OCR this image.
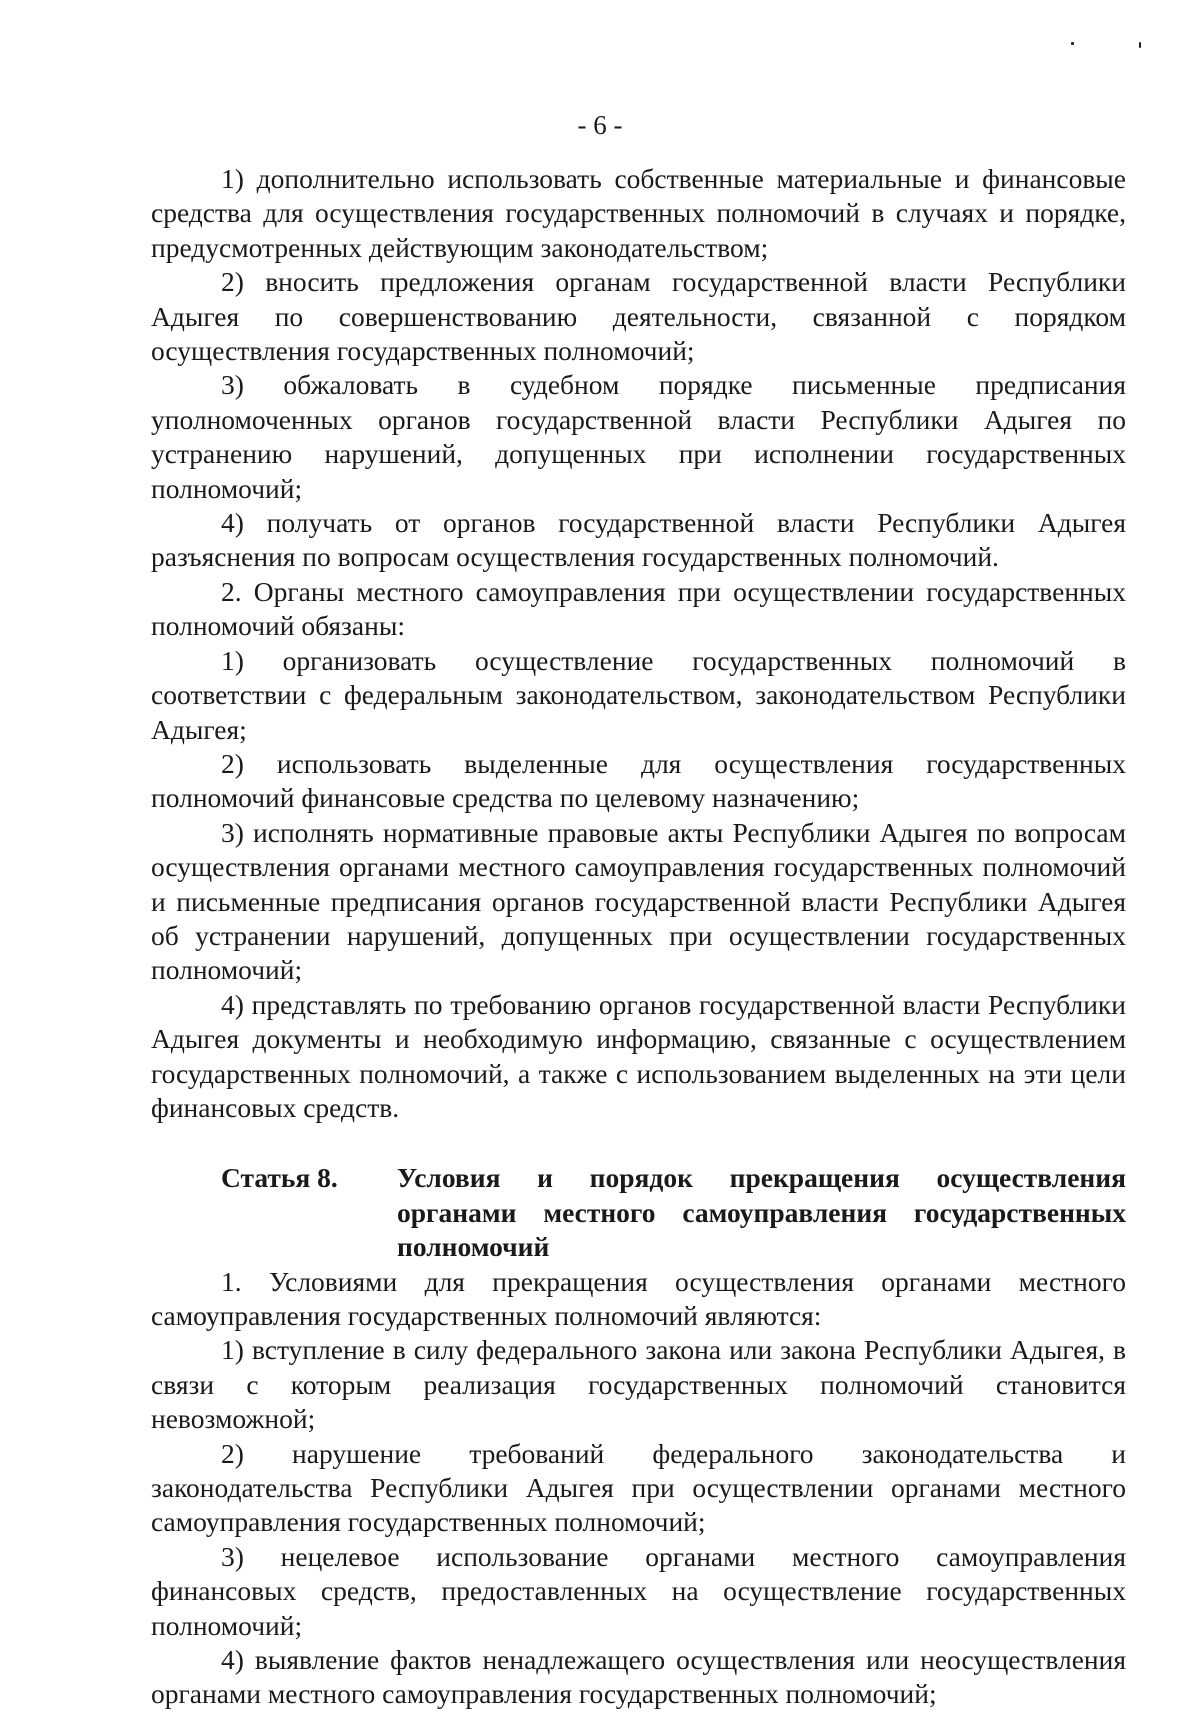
- 6 -

1) дополнительно использовать собственные материальные и финансовые средства для осуществления государственных полномочий в случаях и порядке, предусмотренных действующим законодательством;

2) вносить предложения органам государственной власти Республики Адыгея по совершенствованию деятельности, связанной с порядком осуществления государственных полномочий;

3) обжаловать в судебном порядке письменные предписания уполномоченных органов государственной власти Республики Адыгея по устранению нарушений, допущенных при исполнении государственных полномочий;

4) получать от органов государственной власти Республики Адыгея разъяснения по вопросам осуществления государственных полномочий.

2. Органы местного самоуправления при осуществлении государственных полномочий обязаны:

1) организовать осуществление государственных полномочий в соответствии с федеральным законодательством, законодательством Республики Адыгея;

2) использовать выделенные для осуществления государственных полномочий финансовые средства по целевому назначению;

3) исполнять нормативные правовые акты Республики Адыгея по вопросам осуществления органами местного самоуправления государственных полномочий и письменные предписания органов государственной власти Республики Адыгея об устранении нарушений, допущенных при осуществлении государственных полномочий;

4) представлять по требованию органов государственной власти Республики Адыгея документы и необходимую информацию, связанные с осуществлением государственных полномочий, а также с использованием выделенных на эти цели финансовых средств.

Статья 8.	Условия и порядок прекращения осуществления органами местного самоуправления государственных полномочий

1. Условиями для прекращения осуществления органами местного самоуправления государственных полномочий являются:

1) вступление в силу федерального закона или закона Республики Адыгея, в связи с которым реализация государственных полномочий становится невозможной;

2) нарушение требований федерального законодательства и законодательства Республики Адыгея при осуществлении органами местного самоуправления государственных полномочий;

3) нецелевое использование органами местного самоуправления финансовых средств, предоставленных на осуществление государственных полномочий;

4) выявление фактов ненадлежащего осуществления или неосуществления органами местного самоуправления государственных полномочий;
